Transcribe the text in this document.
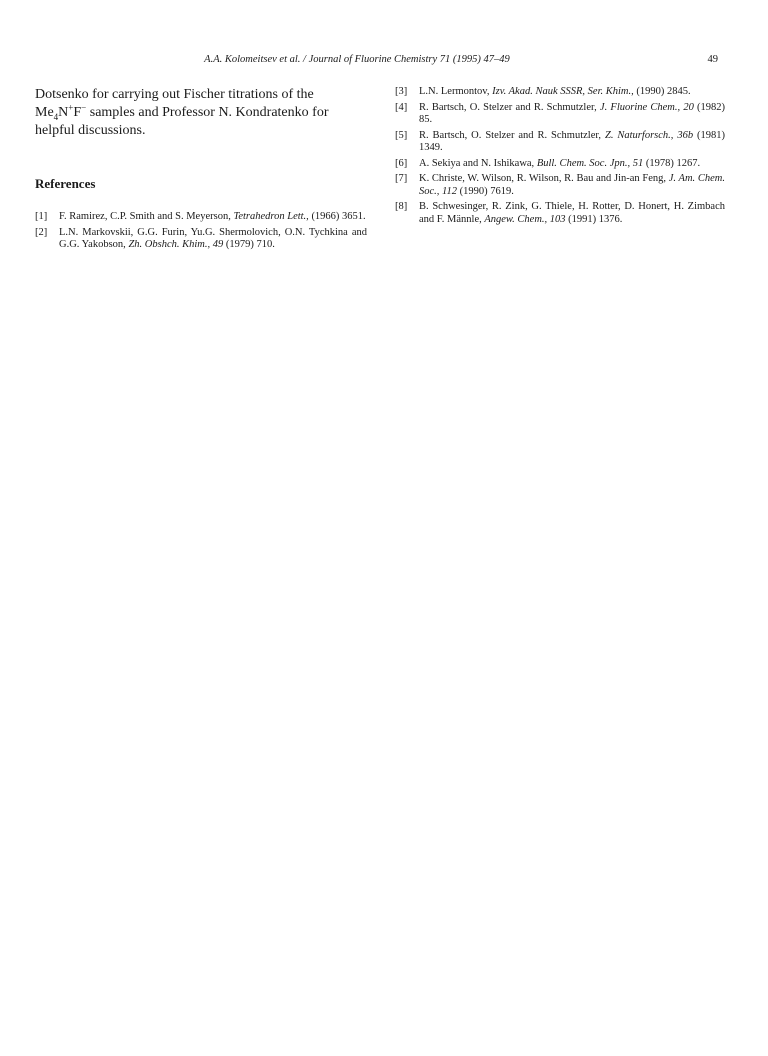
A.A. Kolomeitsev et al. / Journal of Fluorine Chemistry 71 (1995) 47–49	49

Dotsenko for carrying out Fischer titrations of the

$Me_4N^+F^-$ samples and Professor N. Kondratenko for

helpful discussions.

References
[1]	F. Ramirez, C.P. Smith and S. Meyerson, Tetrahedron Lett., (1966) 3651.
[2]	L.N. Markovskii, G.G. Furin, Yu.G. Shermolovich, O.N. Tychkina and G.G. Yakobson, Zh. Obshch. Khim., 49 (1979) 710.
[3]	L.N. Lermontov, Izv. Akad. Nauk SSSR, Ser. Khim., (1990) 2845.
[4]	R. Bartsch, O. Stelzer and R. Schmutzler, J. Fluorine Chem., 20 (1982) 85.
[5]	R. Bartsch, O. Stelzer and R. Schmutzler, Z. Naturforsch., 36b (1981) 1349.
[6]	A. Sekiya and N. Ishikawa, Bull. Chem. Soc. Jpn., 51 (1978) 1267.
[7]	K. Christe, W. Wilson, R. Wilson, R. Bau and Jin-an Feng, J. Am. Chem. Soc., 112 (1990) 7619.
[8]	B. Schwesinger, R. Zink, G. Thiele, H. Rotter, D. Honert, H. Zimbach and F. Männle, Angew. Chem., 103 (1991) 1376.
